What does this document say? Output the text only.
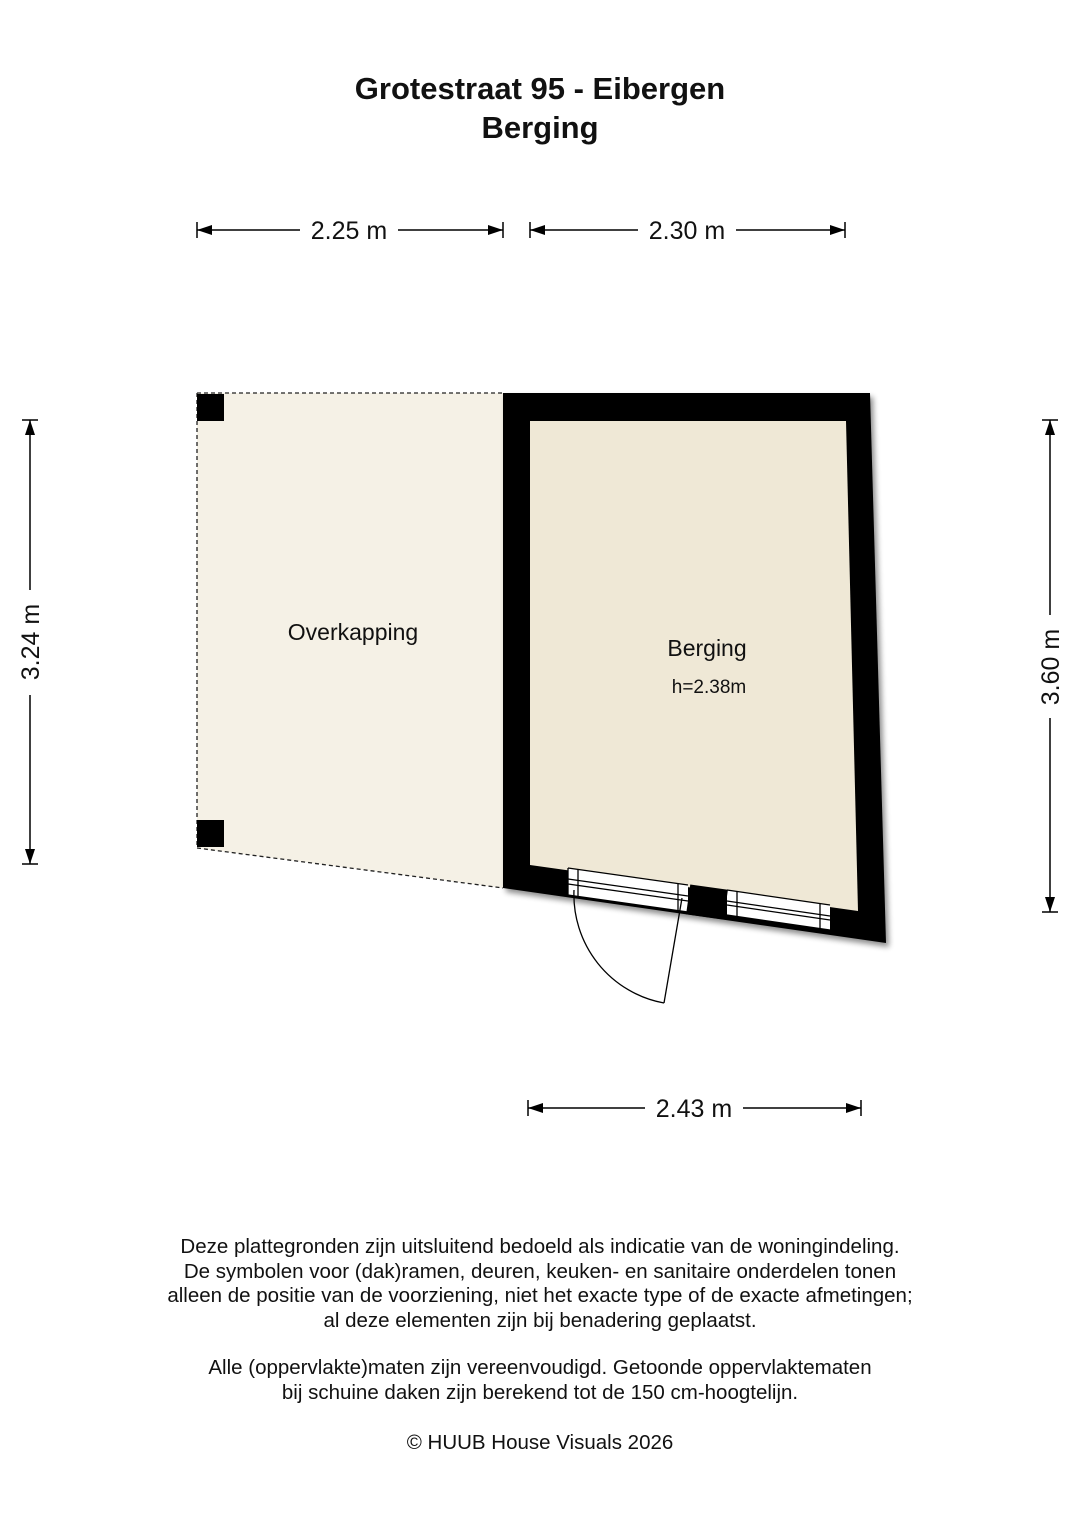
Grotestraat 95 - Eibergen
Berging
Overkapping
Berging
h=2.38m
2.25 m	2.30 m
3.24 m	3.60 m
2.43 m
Deze plattegronden zijn uitsluitend bedoeld als indicatie van de woningindeling.
De symbolen voor (dak)ramen, deuren, keuken- en sanitaire onderdelen tonen
alleen de positie van de voorziening, niet het exacte type of de exacte afmetingen;
al deze elementen zijn bij benadering geplaatst.
Alle (oppervlakte)maten zijn vereenvoudigd. Getoonde oppervlaktematen
bij schuine daken zijn berekend tot de 150 cm-hoogtelijn.
© HUUB House Visuals 2026
